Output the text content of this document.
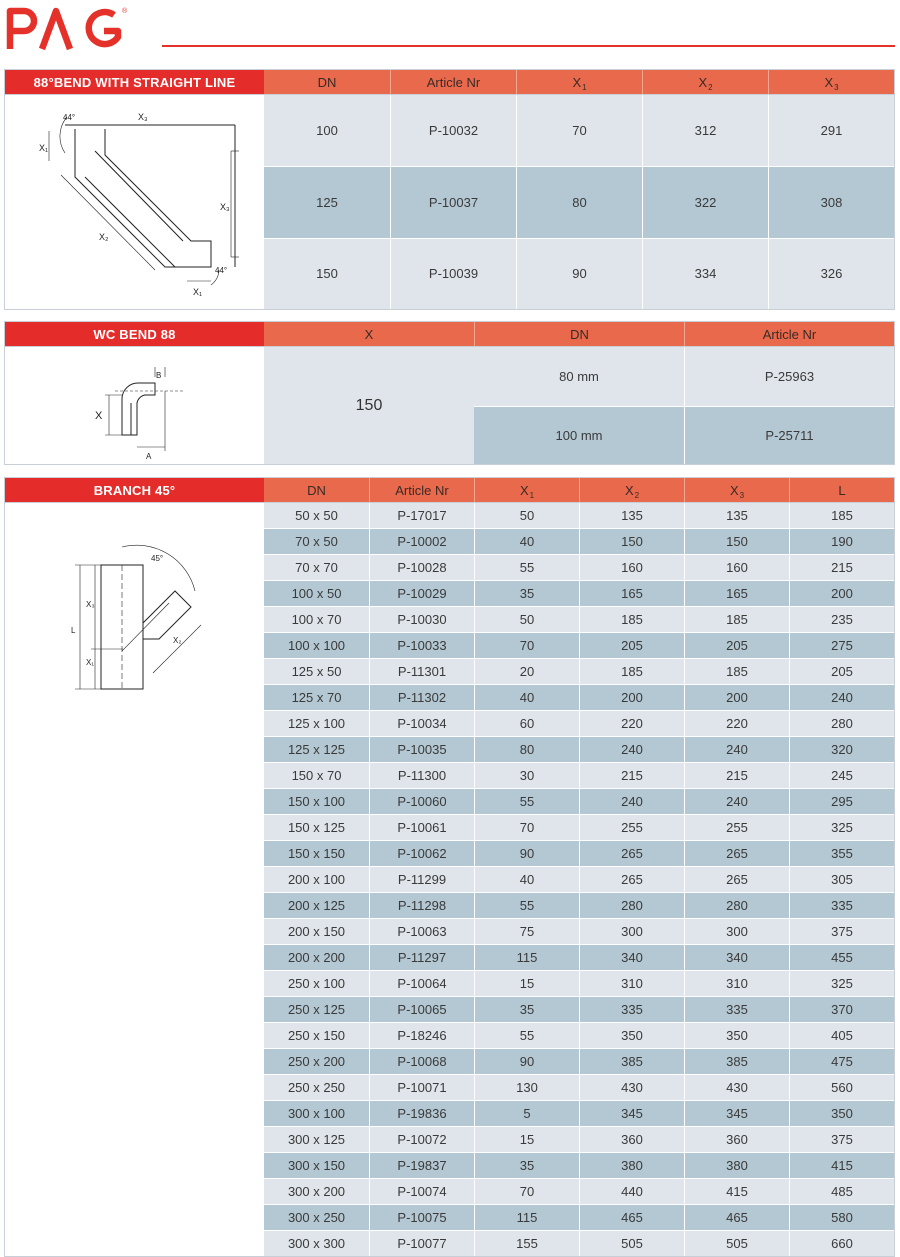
®
88°BEND WITH STRAIGHT LINE	DN	Article Nr	X 1	X 2	X 3
44°	X₃
X₃
X₁
X₂
44°
X₁
100	P-10032	70	312	291
125	P-10037	80	322	308
150	P-10039	90	334	326
WC BEND 88	X	DN	Article Nr
X
A
B
150
80 mm	P-25963
100 mm	P-25711
BRANCH 45°	DN	Article Nr	X 1	X 2	X 3	L
45°
L
X₃
X₁
X₂
50 x 50	P-17017	50	135	135	185
70 x 50	P-10002	40	150	150	190
70 x 70	P-10028	55	160	160	215
100 x 50	P-10029	35	165	165	200
100 x 70	P-10030	50	185	185	235
100 x 100	P-10033	70	205	205	275
125 x 50	P-11301	20	185	185	205
125 x 70	P-11302	40	200	200	240
125 x 100	P-10034	60	220	220	280
125 x 125	P-10035	80	240	240	320
150 x 70	P-11300	30	215	215	245
150 x 100	P-10060	55	240	240	295
150 x 125	P-10061	70	255	255	325
150 x 150	P-10062	90	265	265	355
200 x 100	P-11299	40	265	265	305
200 x 125	P-11298	55	280	280	335
200 x 150	P-10063	75	300	300	375
200 x 200	P-11297	115	340	340	455
250 x 100	P-10064	15	310	310	325
250 x 125	P-10065	35	335	335	370
250 x 150	P-18246	55	350	350	405
250 x 200	P-10068	90	385	385	475
250 x 250	P-10071	130	430	430	560
300 x 100	P-19836	5	345	345	350
300 x 125	P-10072	15	360	360	375
300 x 150	P-19837	35	380	380	415
300 x 200	P-10074	70	440	415	485
300 x 250	P-10075	115	465	465	580
300 x 300	P-10077	155	505	505	660
